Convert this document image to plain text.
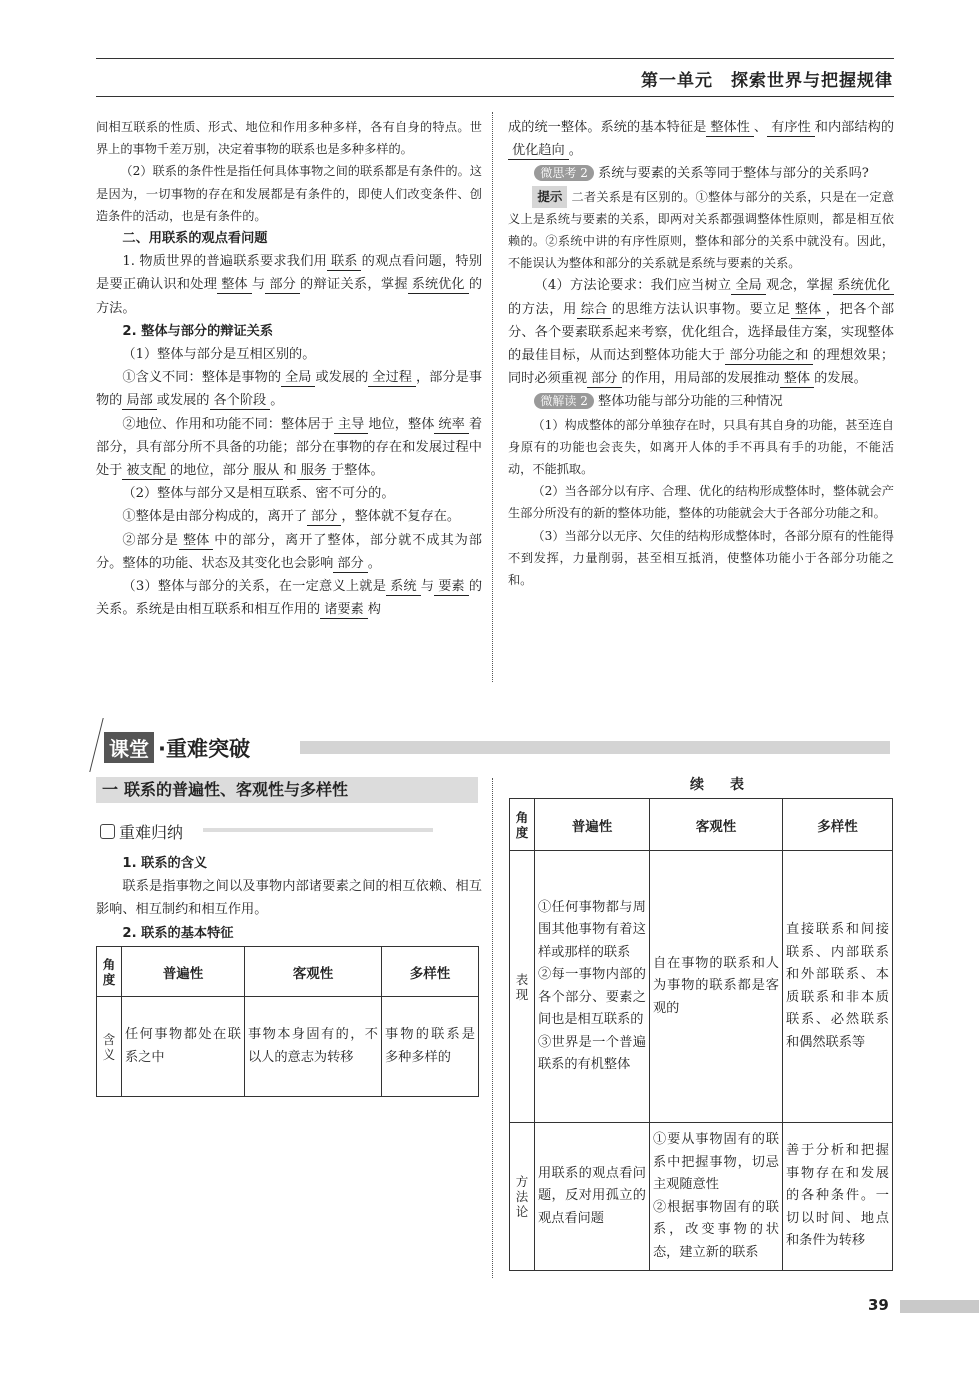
第一单元　探索世界与把握规律

间相互联系的性质、形式、地位和作用多种多样，各有自身的特点。世界上的事物千差万别，决定着事物的联系也是多种多样的。

（2）联系的条件性是指任何具体事物之间的联系都是有条件的。这是因为，一切事物的存在和发展都是有条件的，即使人们改变条件、创造条件的活动，也是有条件的。

二、用联系的观点看问题

1. 物质世界的普遍联系要求我们用 联系 的观点看问题，特别是要正确认识和处理 整体 与 部分 的辩证关系，掌握 系统优化 的方法。

2. 整体与部分的辩证关系

（1）整体与部分是互相区别的。

①含义不同：整体是事物的 全局 或发展的 全过程 ，部分是事物的 局部 或发展的 各个阶段 。

②地位、作用和功能不同：整体居于 主导 地位，整体 统率 着部分，具有部分所不具备的功能；部分在事物的存在和发展过程中处于 被支配 的地位，部分 服从 和 服务 于整体。

（2）整体与部分又是相互联系、密不可分的。

①整体是由部分构成的，离开了 部分 ，整体就不复存在。

②部分是 整体 中的部分，离开了整体，部分就不成其为部分。整体的功能、状态及其变化也会影响 部分 。

（3）整体与部分的关系，在一定意义上就是 系统 与 要素 的关系。系统是由相互联系和相互作用的 诸要素 构

成的统一整体。系统的基本特征是 整体性 、 有序性 和内部结构的优化趋向 。

微思考 2 系统与要素的关系等同于整体与部分的关系吗?

提示 二者关系是有区别的。①整体与部分的关系，只是在一定意义上是系统与要素的关系，即两对关系都强调整体性原则，都是相互依赖的。②系统中讲的有序性原则，整体和部分的关系中就没有。因此，不能误认为整体和部分的关系就是系统与要素的关系。

（4）方法论要求：我们应当树立 全局 观念，掌握 系统优化的方法，用 综合 的思维方法认识事物。要立足 整体 ，把各个部分、各个要素联系起来考察，优化组合，选择最佳方案，实现整体的最佳目标，从而达到整体功能大于 部分功能之和 的理想效果；同时必须重视 部分 的作用，用局部的发展推动 整体 的发展。

微解读 2 整体功能与部分功能的三种情况

（1）构成整体的部分单独存在时，只具有其自身的功能，甚至连自身原有的功能也会丧失，如离开人体的手不再具有手的功能，不能活动，不能抓取。

（2）当各部分以有序、合理、优化的结构形成整体时，整体就会产生部分所没有的新的整体功能，整体的功能就会大于各部分功能之和。

（3）当部分以无序、欠佳的结构形成整体时，各部分原有的性能得不到发挥，力量削弱，甚至相互抵消，使整体功能小于各部分功能之和。

课堂 ·重难突破
一 联系的普遍性、客观性与多样性
重难归纳

1. 联系的含义

联系是指事物之间以及事物内部诸要素之间的相互依赖、相互影响、相互制约和相互作用。

2. 联系的基本特征

角
度	普遍性	客观性	多样性
含
义	任何事物都处在联系之中	事物本身固有的，不以人的意志为转移	事物的联系是多种多样的
续　表
角
度	普遍性	客观性	多样性
表
现	①任何事物都与周围其他事物有着这样或那样的联系
②每一事物内部的各个部分、要素之间也是相互联系的
③世界是一个普遍联系的有机整体	自在事物的联系和人为事物的联系都是客观的	直接联系和间接联系、内部联系和外部联系、本质联系和非本质联系、必然联系和偶然联系等
方
法
论	用联系的观点看问题，反对用孤立的观点看问题	①要从事物固有的联系中把握事物，切忌主观随意性
②根据事物固有的联系，改变事物的状态，建立新的联系	善于分析和把握事物存在和发展的各种条件。一切以时间、地点和条件为转移
39
